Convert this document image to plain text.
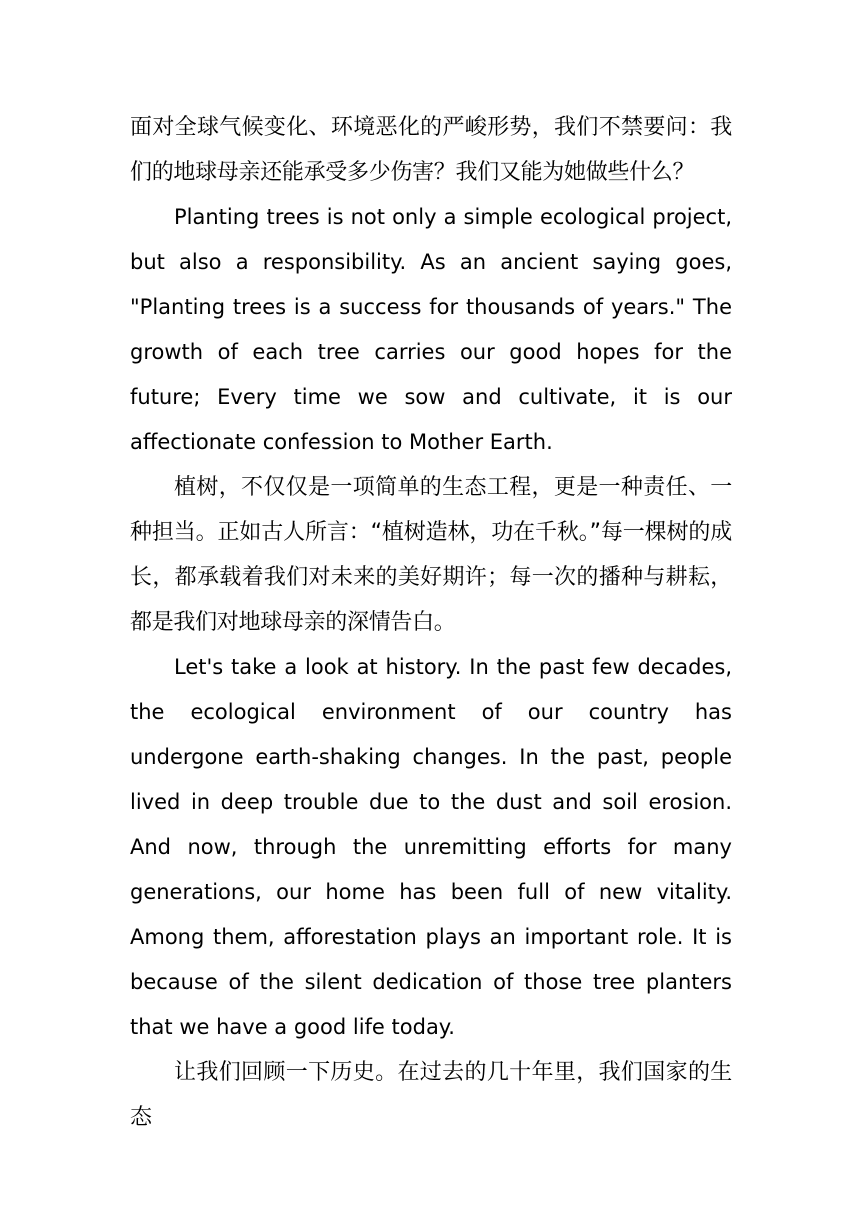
面对全球气候变化、环境恶化的严峻形势，我们不禁要问：我们的地球母亲还能承受多少伤害？我们又能为她做些什么？

Planting trees is not only a simple ecological project, but also a responsibility. As an ancient saying goes, "Planting trees is a success for thousands of years." The growth of each tree carries our good hopes for the future; Every time we sow and cultivate, it is our affectionate confession to Mother Earth.

植树，不仅仅是一项简单的生态工程，更是一种责任、一种担当。正如古人所言：“植树造林，功在千秋。”每一棵树的成长，都承载着我们对未来的美好期许；每一次的播种与耕耘，都是我们对地球母亲的深情告白。

Let's take a look at history. In the past few decades, the ecological environment of our country has undergone earth-shaking changes. In the past, people lived in deep trouble due to the dust and soil erosion. And now, through the unremitting efforts for many generations, our home has been full of new vitality. Among them, afforestation plays an important role. It is because of the silent dedication of those tree planters that we have a good life today.

让我们回顾一下历史。在过去的几十年里，我们国家的生态
